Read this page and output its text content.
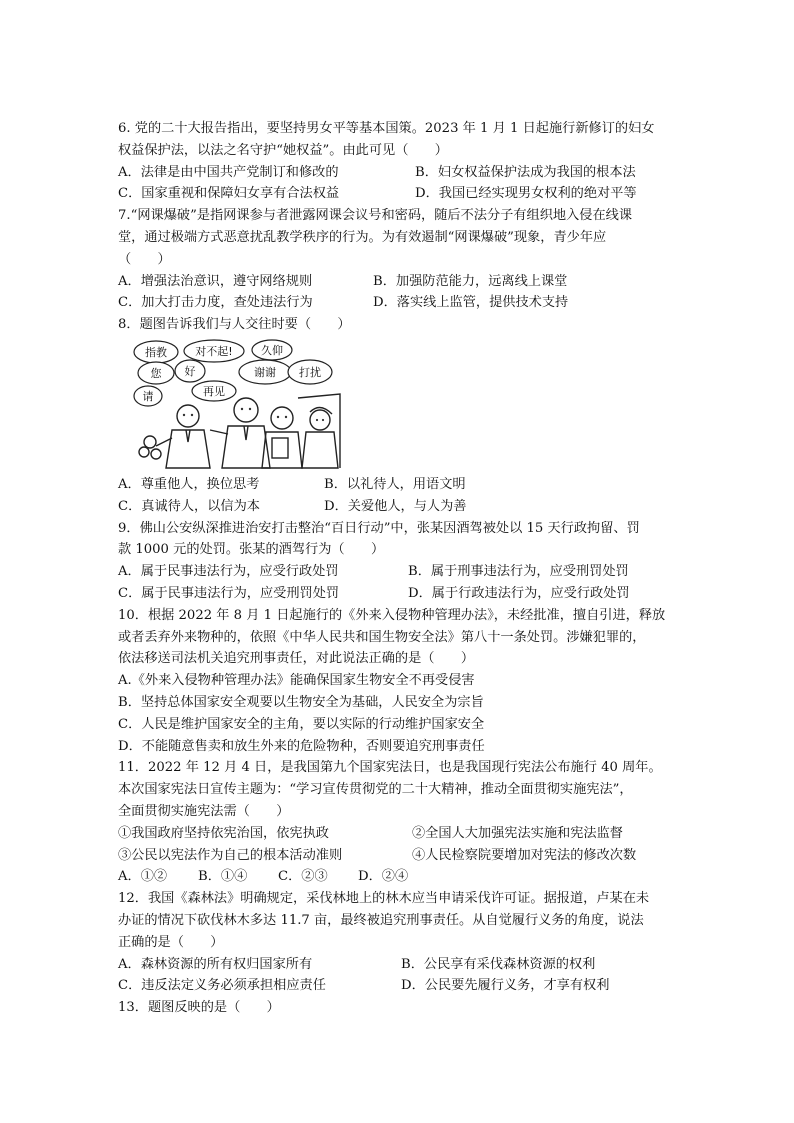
6. 党的二十大报告指出，要坚持男女平等基本国策。2023 年 1 月 1 日起施行新修订的妇女
权益保护法，以法之名守护“她权益”。由此可见（　　）
A．法律是由中国共产党制订和修改的	B．妇女权益保护法成为我国的根本法
C．国家重视和保障妇女享有合法权益	D．我国已经实现男女权利的绝对平等
7.“网课爆破”是指网课参与者泄露网课会议号和密码，随后不法分子有组织地入侵在线课
堂，通过极端方式恶意扰乱教学秩序的行为。为有效遏制“网课爆破”现象，青少年应
（　　）
A．增强法治意识，遵守网络规则	B．加强防范能力，远离线上课堂
C．加大打击力度，查处违法行为	D．落实线上监管，提供技术支持
8．题图告诉我们与人交往时要（　　）
指教	对不起!	久仰
您 好	谢谢 打扰
再见
请
A．尊重他人，换位思考	B．以礼待人，用语文明
C．真诚待人，以信为本	D．关爱他人，与人为善
9．佛山公安纵深推进治安打击整治“百日行动”中，张某因酒驾被处以 15 天行政拘留、罚
款 1000 元的处罚。张某的酒驾行为（　　）
A．属于民事违法行为，应受行政处罚	B．属于刑事违法行为，应受刑罚处罚
C．属于民事违法行为，应受刑罚处罚	D．属于行政违法行为，应受行政处罚
10．根据 2022 年 8 月 1 日起施行的《外来入侵物种管理办法》，未经批准，擅自引进，释放
或者丢弃外来物种的，依照《中华人民共和国生物安全法》第八十一条处罚。涉嫌犯罪的，
依法移送司法机关追究刑事责任，对此说法正确的是（　　）
A.《外来入侵物种管理办法》能确保国家生物安全不再受侵害
B．坚持总体国家安全观要以生物安全为基础，人民安全为宗旨
C．人民是维护国家安全的主角，要以实际的行动维护国家安全
D．不能随意售卖和放生外来的危险物种，否则要追究刑事责任
11．2022 年 12 月 4 日，是我国第九个国家宪法日，也是我国现行宪法公布施行 40 周年。
本次国家宪法日宣传主题为：“学习宣传贯彻党的二十大精神，推动全面贯彻实施宪法”，
全面贯彻实施宪法需（　　）
①我国政府坚持依宪治国，依宪执政	②全国人大加强宪法实施和宪法监督
③公民以宪法作为自己的根本活动准则	④人民检察院要增加对宪法的修改次数
A．①② B．①④ C．②③ D．②④
12．我国《森林法》明确规定，采伐林地上的林木应当申请采伐许可证。据报道，卢某在未
办证的情况下砍伐林木多达 11.7 亩，最终被追究刑事责任。从自觉履行义务的角度，说法
正确的是（　　）
A．森林资源的所有权归国家所有	B．公民享有采伐森林资源的权利
C．违反法定义务必须承担相应责任	D．公民要先履行义务，才享有权利
13．题图反映的是（　　）
